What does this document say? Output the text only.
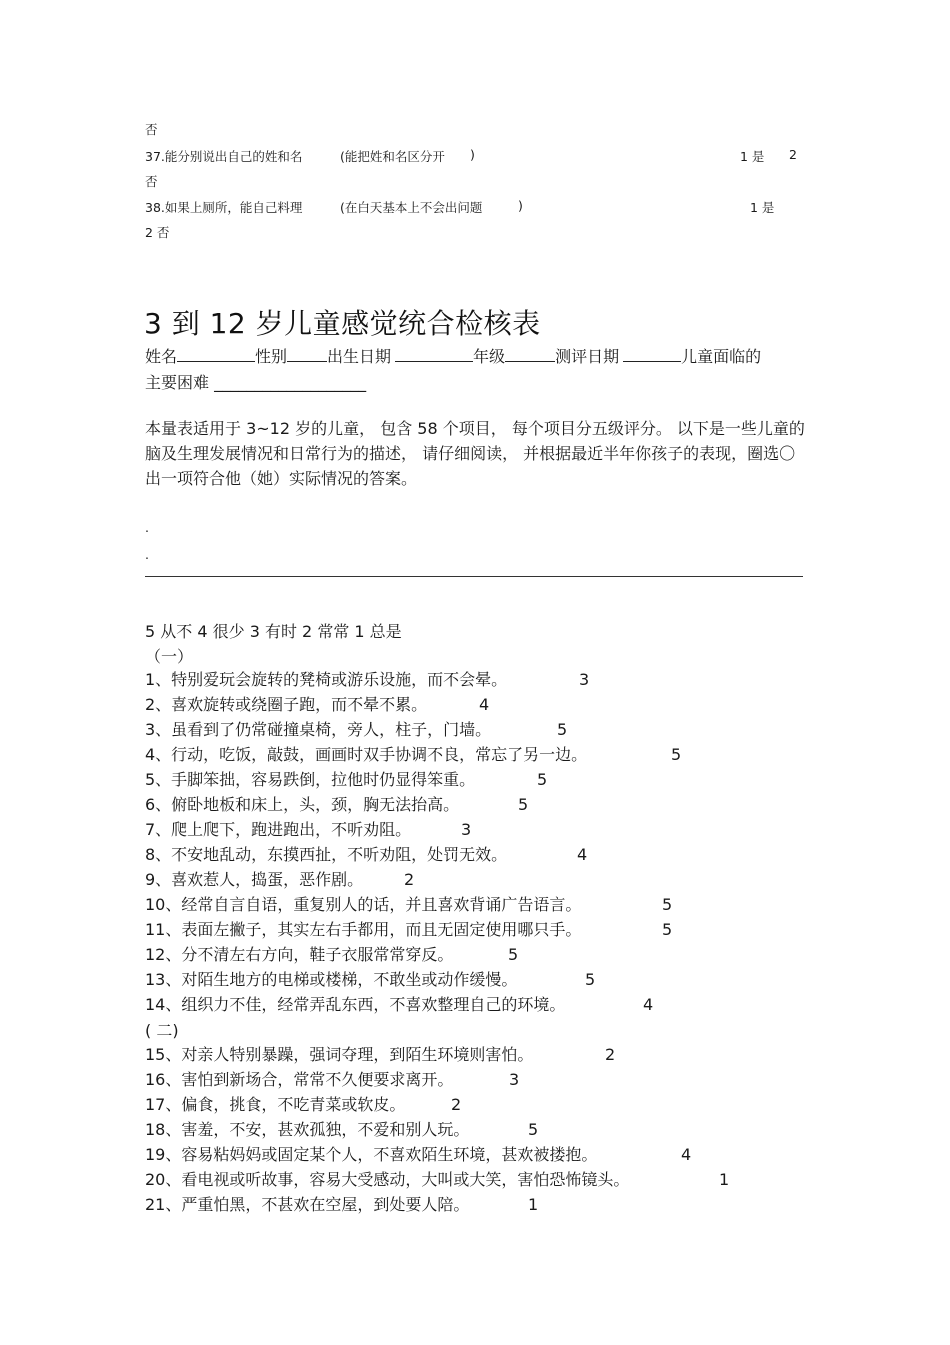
否
37.能分别说出自己的姓和名	(能把姓和名区分开 )	1 是 2
否
38.如果上厕所，能自己料理	(在白天基本上不会出问题	)	1 是
2 否
3 到 12 岁儿童感觉统合检核表
姓名	性别	出生日期	年级	测评日期	儿童面临的
主要困难 ___________________
本量表适用于 3~12 岁的儿童， 包含 58 个项目， 每个项目分五级评分。 以下是一些儿童的脑及生理发展情况和日常行为的描述， 请仔细阅读， 并根据最近半年你孩子的表现，圈选〇出一项符合他（她）实际情况的答案。
.
.
5 从不 4 很少 3 有时 2 常常 1 总是
（一）
1、特别爱玩会旋转的凳椅或游乐设施，而不会晕。	3
2、喜欢旋转或绕圈子跑，而不晕不累。	4
3、虽看到了仍常碰撞桌椅，旁人，柱子，门墙。	5
4、行动，吃饭，敲鼓，画画时双手协调不良，常忘了另一边。	5
5、手脚笨拙，容易跌倒，拉他时仍显得笨重。	5
6、俯卧地板和床上，头，颈，胸无法抬高。	5
7、爬上爬下，跑进跑出，不听劝阻。	3
8、不安地乱动，东摸西扯，不听劝阻，处罚无效。	4
9、喜欢惹人，捣蛋，恶作剧。	2
10、经常自言自语，重复别人的话，并且喜欢背诵广告语言。	5
11、表面左撇子，其实左右手都用，而且无固定使用哪只手。	5
12、分不清左右方向，鞋子衣服常常穿反。	5
13、对陌生地方的电梯或楼梯，不敢坐或动作缓慢。	5
14、组织力不佳，经常弄乱东西，不喜欢整理自己的环境。	4
( 二)
15、对亲人特别暴躁，强词夺理，到陌生环境则害怕。	2
16、害怕到新场合，常常不久便要求离开。	3
17、偏食，挑食，不吃青菜或软皮。	2
18、害羞，不安，甚欢孤独，不爱和别人玩。	5
19、容易粘妈妈或固定某个人，不喜欢陌生环境，甚欢被搂抱。	4
20、看电视或听故事，容易大受感动，大叫或大笑，害怕恐怖镜头。	1
21、严重怕黑，不甚欢在空屋，到处要人陪。	1
